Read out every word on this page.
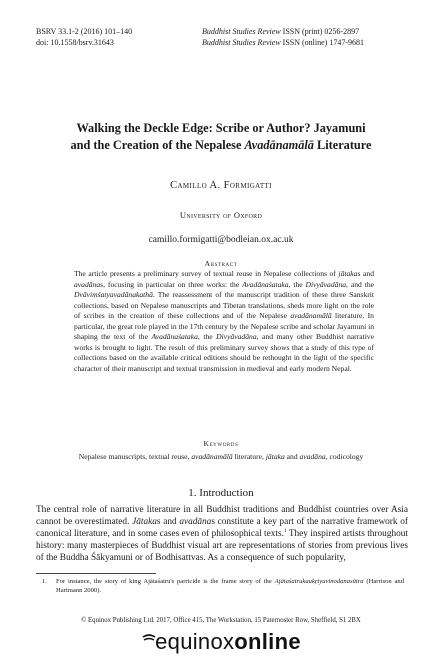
BSRV 33.1-2 (2016) 101–140
doi: 10.1558/bsrv.31643
Buddhist Studies Review ISSN (print) 0256-2897
Buddhist Studies Review ISSN (online) 1747-9681
Walking the Deckle Edge: Scribe or Author? Jayamuni
and the Creation of the Nepalese Avadānamālā Literature
Camillo A. Formigatti
University of Oxford
camillo.formigatti@bodleian.ox.ac.uk
Abstract
The article presents a preliminary survey of textual reuse in Nepalese collections of jātakas and avadānas, focusing in particular on three works: the Avadānaśataka, the Divyāvadāna, and the Dvāviṃśatyavadānakathā. The reassessment of the manuscript tradition of these three Sanskrit collections, based on Nepalese manuscripts and Tibetan translations, sheds more light on the role of scribes in the creation of these collections and of the Nepalese avadānamālā literature. In particular, the great role played in the 17th century by the Nepalese scribe and scholar Jayamuni in shaping the text of the Avadānaśataka, the Divyāvadāna, and many other Buddhist narrative works is brought to light. The result of this preliminary survey shows that a study of this type of collections based on the available critical editions should be rethought in the light of the specific character of their manuscript and textual transmission in medieval and early modern Nepal.
Keywords
Nepalese manuscripts, textual reuse, avadānamālā literature, jātaka and avadāna, codicology
1. Introduction
The central role of narrative literature in all Buddhist traditions and Buddhist countries over Asia cannot be overestimated. Jātakas and avadānas constitute a key part of the narrative framework of canonical literature, and in some cases even of philosophical texts.$^1$ They inspired artists throughout history: many masterpieces of Buddhist visual art are representations of stories from previous lives of the Buddha Śākyamuni or of Bodhisattvas. As a consequence of such popularity,
1. For instance, the story of king Ajātaśatru's parricide is the frame story of the Ajātaśatrukaukṛtyavinodanasūtra (Harrison and Hartmann 2000).
© Equinox Publishing Ltd. 2017, Office 415, The Workstation, 15 Paternoster Row, Sheffield, S1 2BX
equinoxonline
